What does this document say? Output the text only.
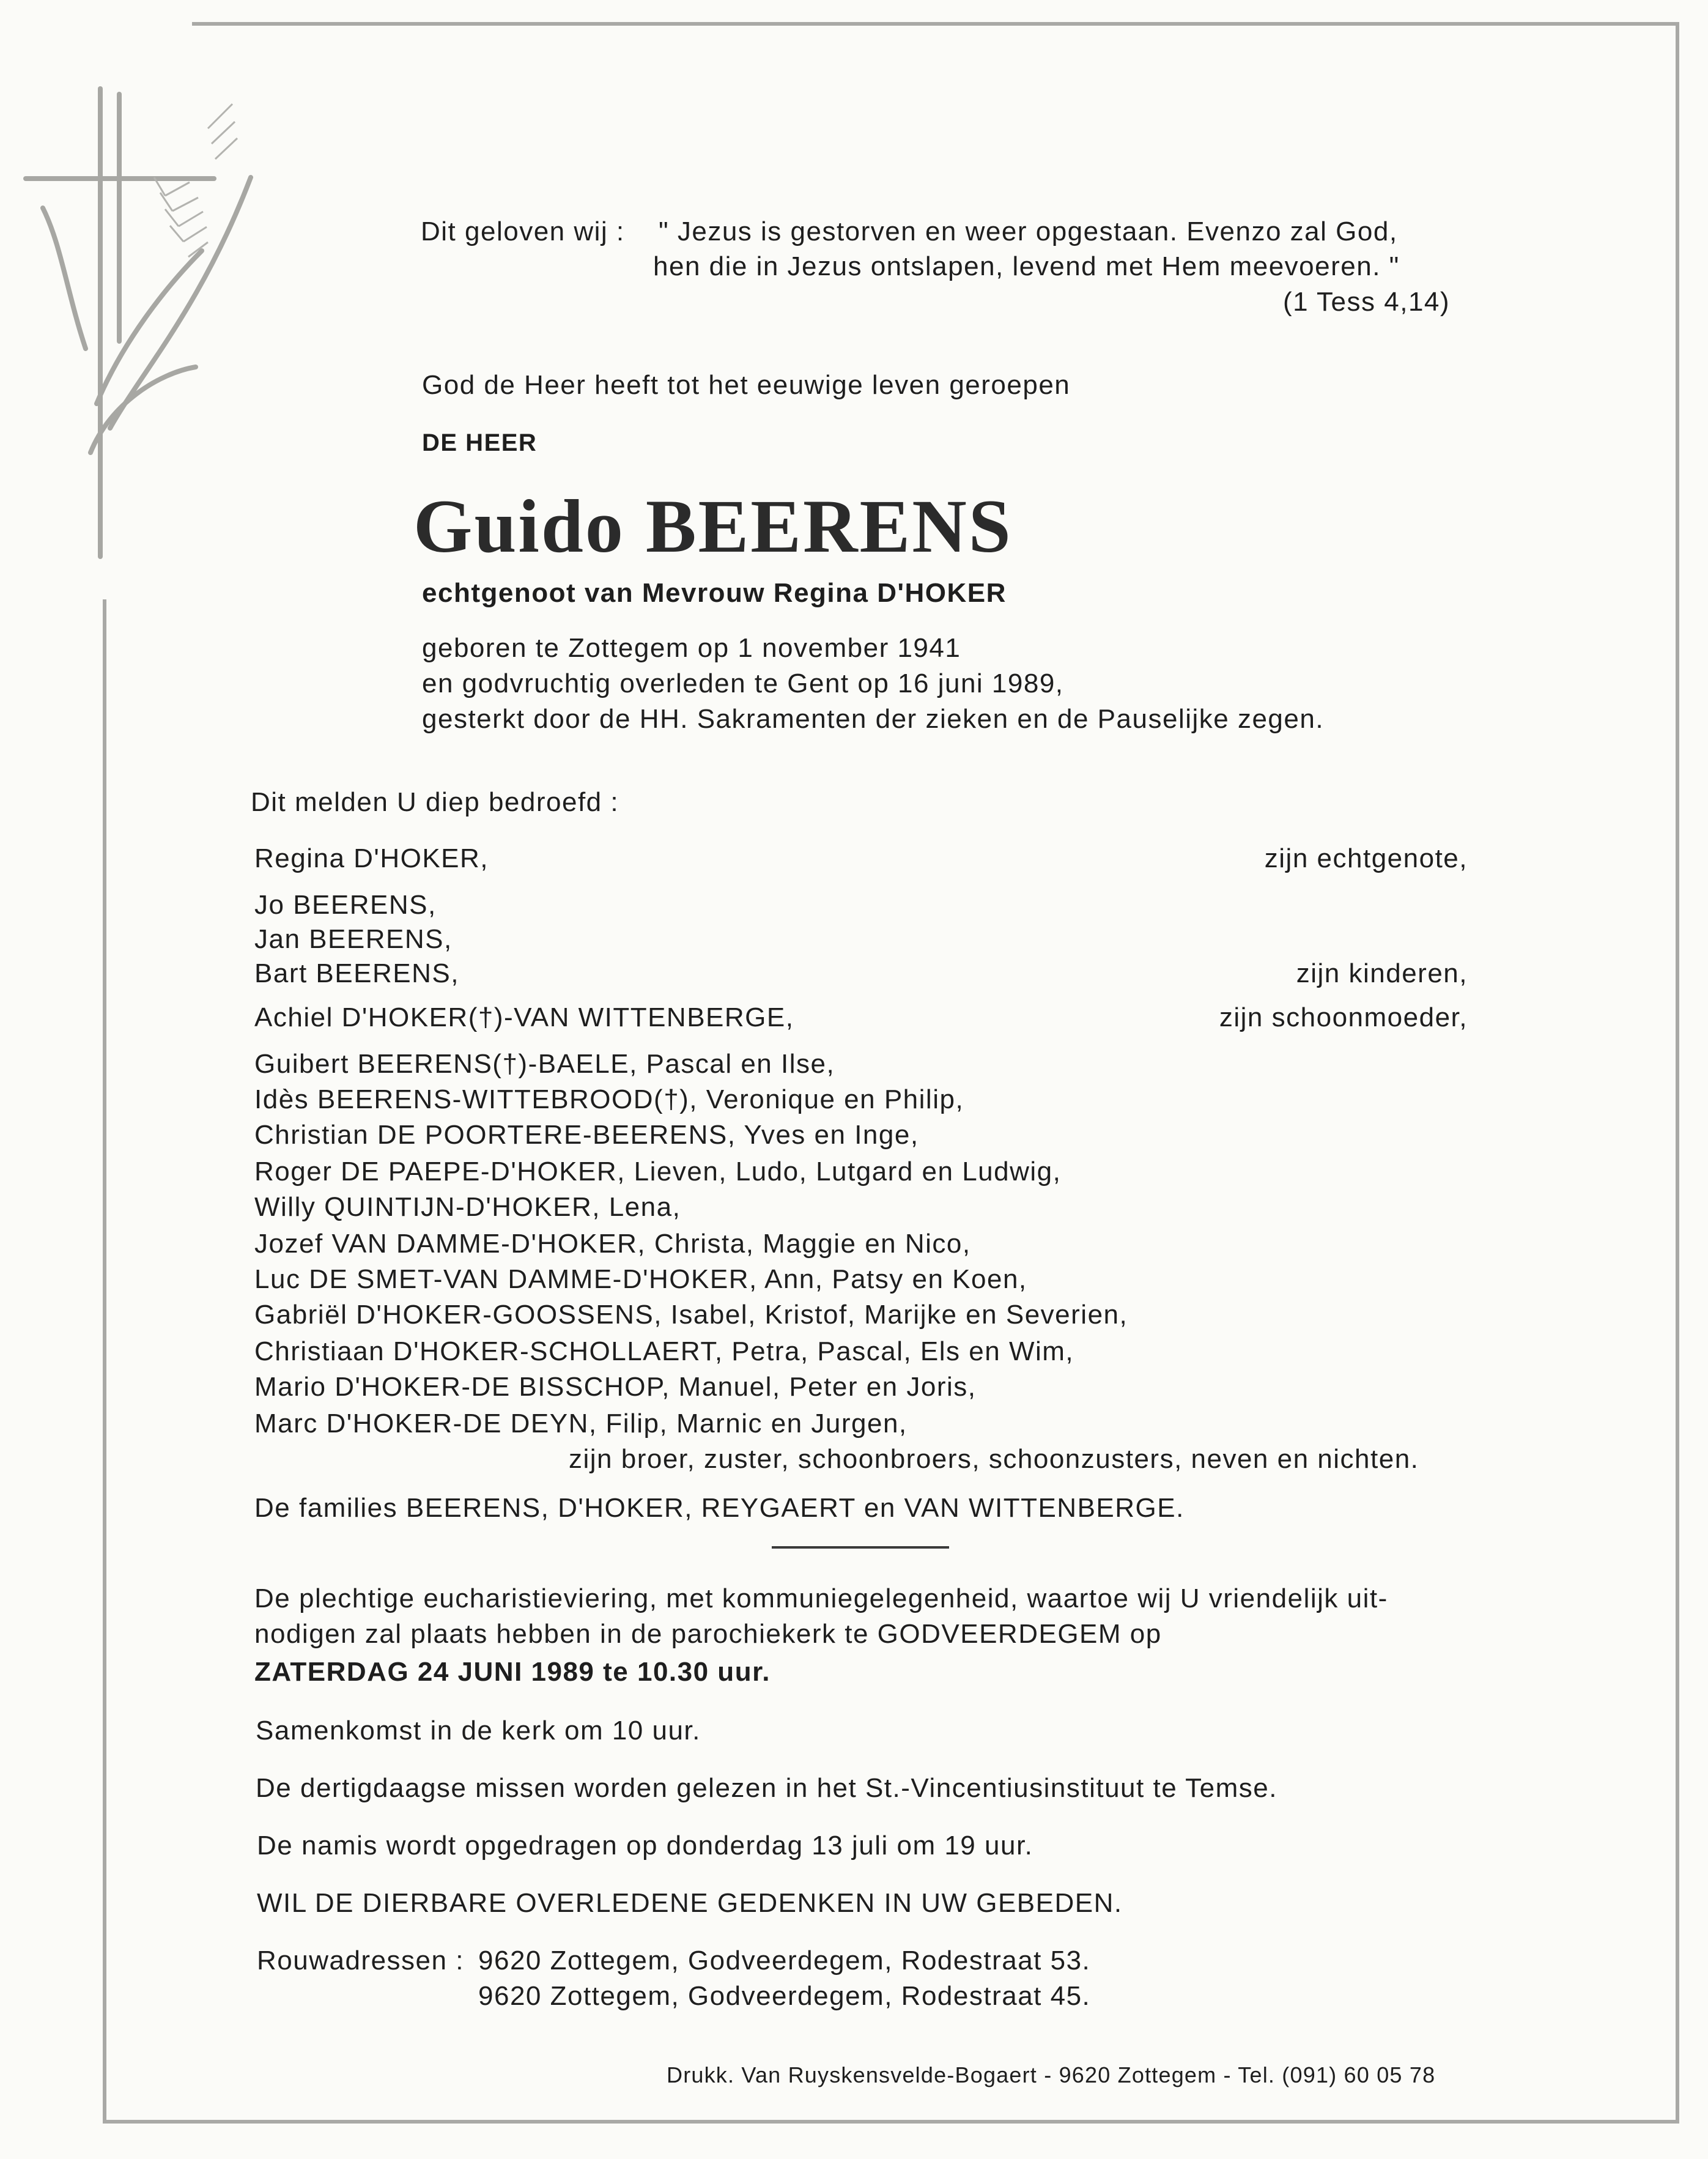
Dit geloven wij : " Jezus is gestorven en weer opgestaan. Evenzo zal God,
hen die in Jezus ontslapen, levend met Hem meevoeren. "
(1 Tess 4,14)
God de Heer heeft tot het eeuwige leven geroepen
DE HEER
Guido BEERENS
echtgenoot van Mevrouw Regina D'HOKER
geboren te Zottegem op 1 november 1941
en godvruchtig overleden te Gent op 16 juni 1989,
gesterkt door de HH. Sakramenten der zieken en de Pauselijke zegen.
Dit melden U diep bedroefd :
Regina D'HOKER,	zijn echtgenote,
Jo BEERENS,
Jan BEERENS,
Bart BEERENS,	zijn kinderen,
Achiel D'HOKER(†)-VAN WITTENBERGE,	zijn schoonmoeder,
Guibert BEERENS(†)-BAELE, Pascal en Ilse,
Idès BEERENS-WITTEBROOD(†), Veronique en Philip,
Christian DE POORTERE-BEERENS, Yves en Inge,
Roger DE PAEPE-D'HOKER, Lieven, Ludo, Lutgard en Ludwig,
Willy QUINTIJN-D'HOKER, Lena,
Jozef VAN DAMME-D'HOKER, Christa, Maggie en Nico,
Luc DE SMET-VAN DAMME-D'HOKER, Ann, Patsy en Koen,
Gabriël D'HOKER-GOOSSENS, Isabel, Kristof, Marijke en Severien,
Christiaan D'HOKER-SCHOLLAERT, Petra, Pascal, Els en Wim,
Mario D'HOKER-DE BISSCHOP, Manuel, Peter en Joris,
Marc D'HOKER-DE DEYN, Filip, Marnic en Jurgen,
zijn broer, zuster, schoonbroers, schoonzusters, neven en nichten.
De families BEERENS, D'HOKER, REYGAERT en VAN WITTENBERGE.
De plechtige eucharistieviering, met kommuniegelegenheid, waartoe wij U vriendelijk uit-
nodigen zal plaats hebben in de parochiekerk te GODVEERDEGEM op
ZATERDAG 24 JUNI 1989 te 10.30 uur.
Samenkomst in de kerk om 10 uur.
De dertigdaagse missen worden gelezen in het St.-Vincentiusinstituut te Temse.
De namis wordt opgedragen op donderdag 13 juli om 19 uur.
WIL DE DIERBARE OVERLEDENE GEDENKEN IN UW GEBEDEN.
Rouwadressen : 9620 Zottegem, Godveerdegem, Rodestraat 53.
9620 Zottegem, Godveerdegem, Rodestraat 45.
Drukk. Van Ruyskensvelde-Bogaert - 9620 Zottegem - Tel. (091) 60 05 78
